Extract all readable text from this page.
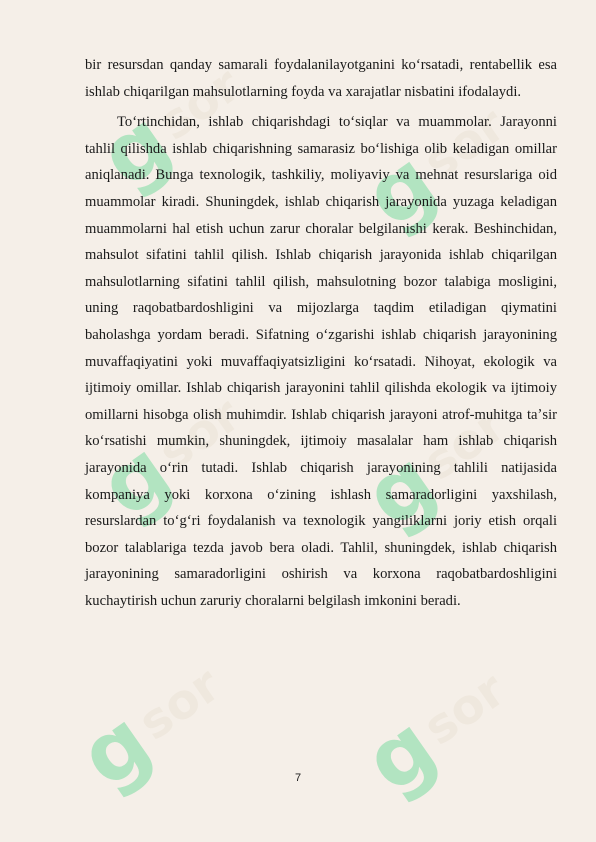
g
sor
g
sor
g
sor g
sor
g
sor g
sor

bir resursdan qanday samarali foydalanilayotganini koʻrsatadi, rentabellik esa ishlab chiqarilgan mahsulotlarning foyda va xarajatlar nisbatini ifodalaydi.

Toʻrtinchidan, ishlab chiqarishdagi toʻsiqlar va muammolar. Jarayonni tahlil qilishda ishlab chiqarishning samarasiz boʻlishiga olib keladigan omillar aniqlanadi. Bunga texnologik, tashkiliy, moliyaviy va mehnat resurslariga oid muammolar kiradi. Shuningdek, ishlab chiqarish jarayonida yuzaga keladigan muammolarni hal etish uchun zarur choralar belgilanishi kerak. Beshinchidan, mahsulot sifatini tahlil qilish. Ishlab chiqarish jarayonida ishlab chiqarilgan mahsulotlarning sifatini tahlil qilish, mahsulotning bozor talabiga mosligini, uning raqobatbardoshligini va mijozlarga taqdim etiladigan qiymatini baholashga yordam beradi. Sifatning oʻzgarishi ishlab chiqarish jarayonining muvaffaqiyatini yoki muvaffaqiyatsizligini koʻrsatadi. Nihoyat, ekologik va ijtimoiy omillar. Ishlab chiqarish jarayonini tahlil qilishda ekologik va ijtimoiy omillarni hisobga olish muhimdir. Ishlab chiqarish jarayoni atrof-muhitga taʼsir koʻrsatishi mumkin, shuningdek, ijtimoiy masalalar ham ishlab chiqarish jarayonida oʻrin tutadi. Ishlab chiqarish jarayonining tahlili natijasida kompaniya yoki korxona oʻzining ishlash samaradorligini yaxshilash, resurslardan toʻgʻri foydalanish va texnologik yangiliklarni joriy etish orqali bozor talablariga tezda javob bera oladi. Tahlil, shuningdek, ishlab chiqarish jarayonining samaradorligini oshirish va korxona raqobatbardoshligini kuchaytirish uchun zaruriy choralarni belgilash imkonini beradi.

7
